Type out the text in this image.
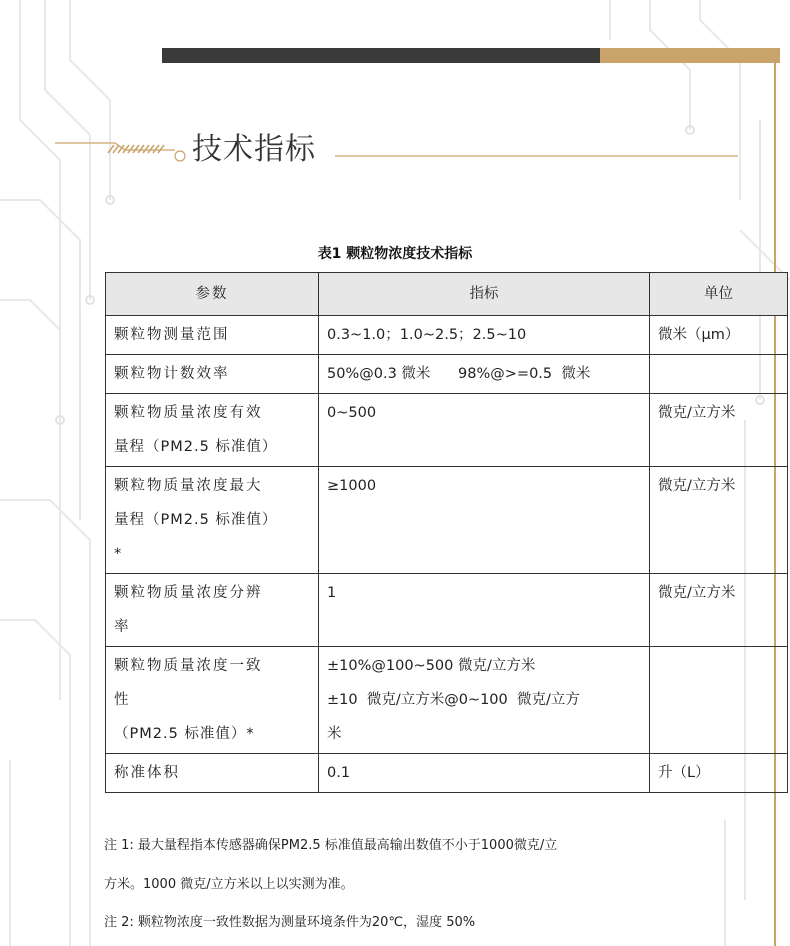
技术指标
表1 颗粒物浓度技术指标
参数	指标	单位

颗粒物测量范围	0.3~1.0；1.0~2.5；2.5~10	微米（μm）

颗粒物计数效率	50%@0.3 微米      98%@>=0.5  微米	

颗粒物质量浓度有效
量程（PM2.5 标准值）	0~500	微克/立方米

颗粒物质量浓度最大
量程（PM2.5 标准值）
*	≥1000	微克/立方米

颗粒物质量浓度分辨
率	1	微克/立方米

颗粒物质量浓度一致
性
（PM2.5 标准值）*	±10%@100~500 微克/立方米
±10  微克/立方米@0~100  微克/立方
米	

称准体积	0.1	升（L）
注 1: 最大量程指本传感器确保PM2.5 标准值最高输出数值不小于1000微克/立
方米。1000 微克/立方米以上以实测为准。
注 2: 颗粒物浓度一致性数据为测量环境条件为20℃，湿度 50%
